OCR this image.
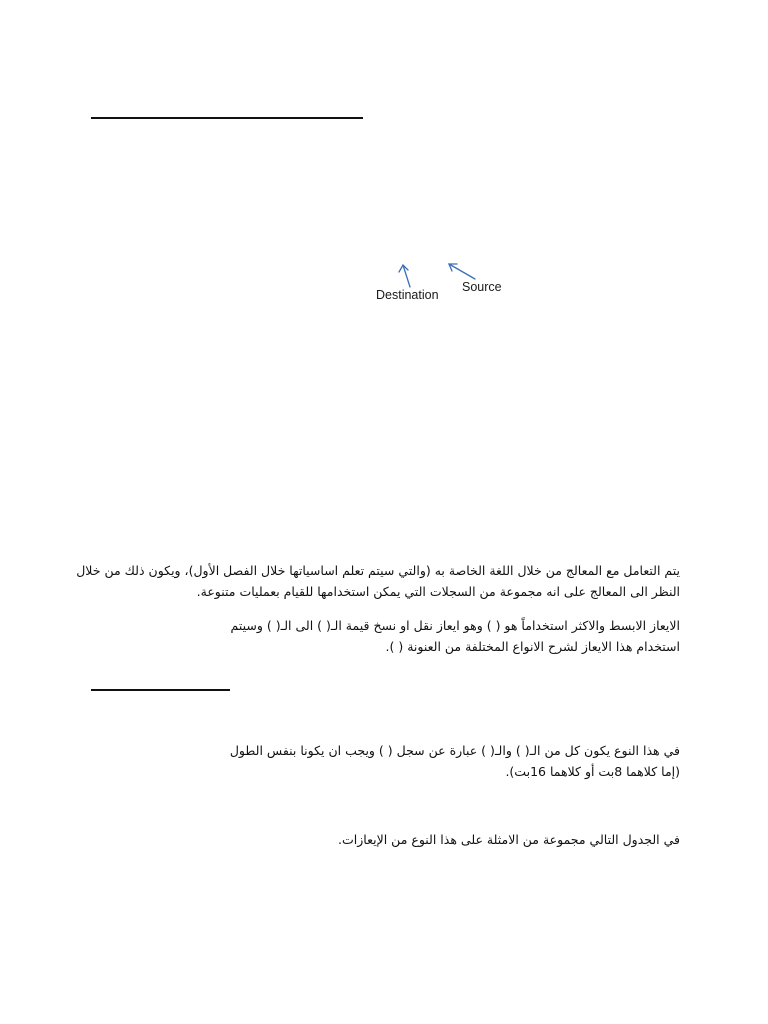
Destination
Source

يتم التعامل مع المعالج من خلال اللغة الخاصة به (والتي سيتم تعلم اساسياتها خلال الفصل الأول)، ويكون ذلك من خلال
النظر الى المعالج على انه مجموعة من السجلات التي يمكن استخدامها للقيام بعمليات متنوعة.

الايعاز الابسط والاكثر استخداماً هو ( ) وهو ايعاز نقل او نسخ قيمة الـ( ) الى الـ( ) وسيتم
استخدام هذا الايعاز لشرح الانواع المختلفة من العنونة ( ).

في هذا النوع يكون كل من الـ( ) والـ( ) عبارة عن سجل ( ) ويجب ان يكونا بنفس الطول
(إما كلاهما 8بت أو كلاهما 16بت).

في الجدول التالي مجموعة من الامثلة على هذا النوع من الإيعازات.
